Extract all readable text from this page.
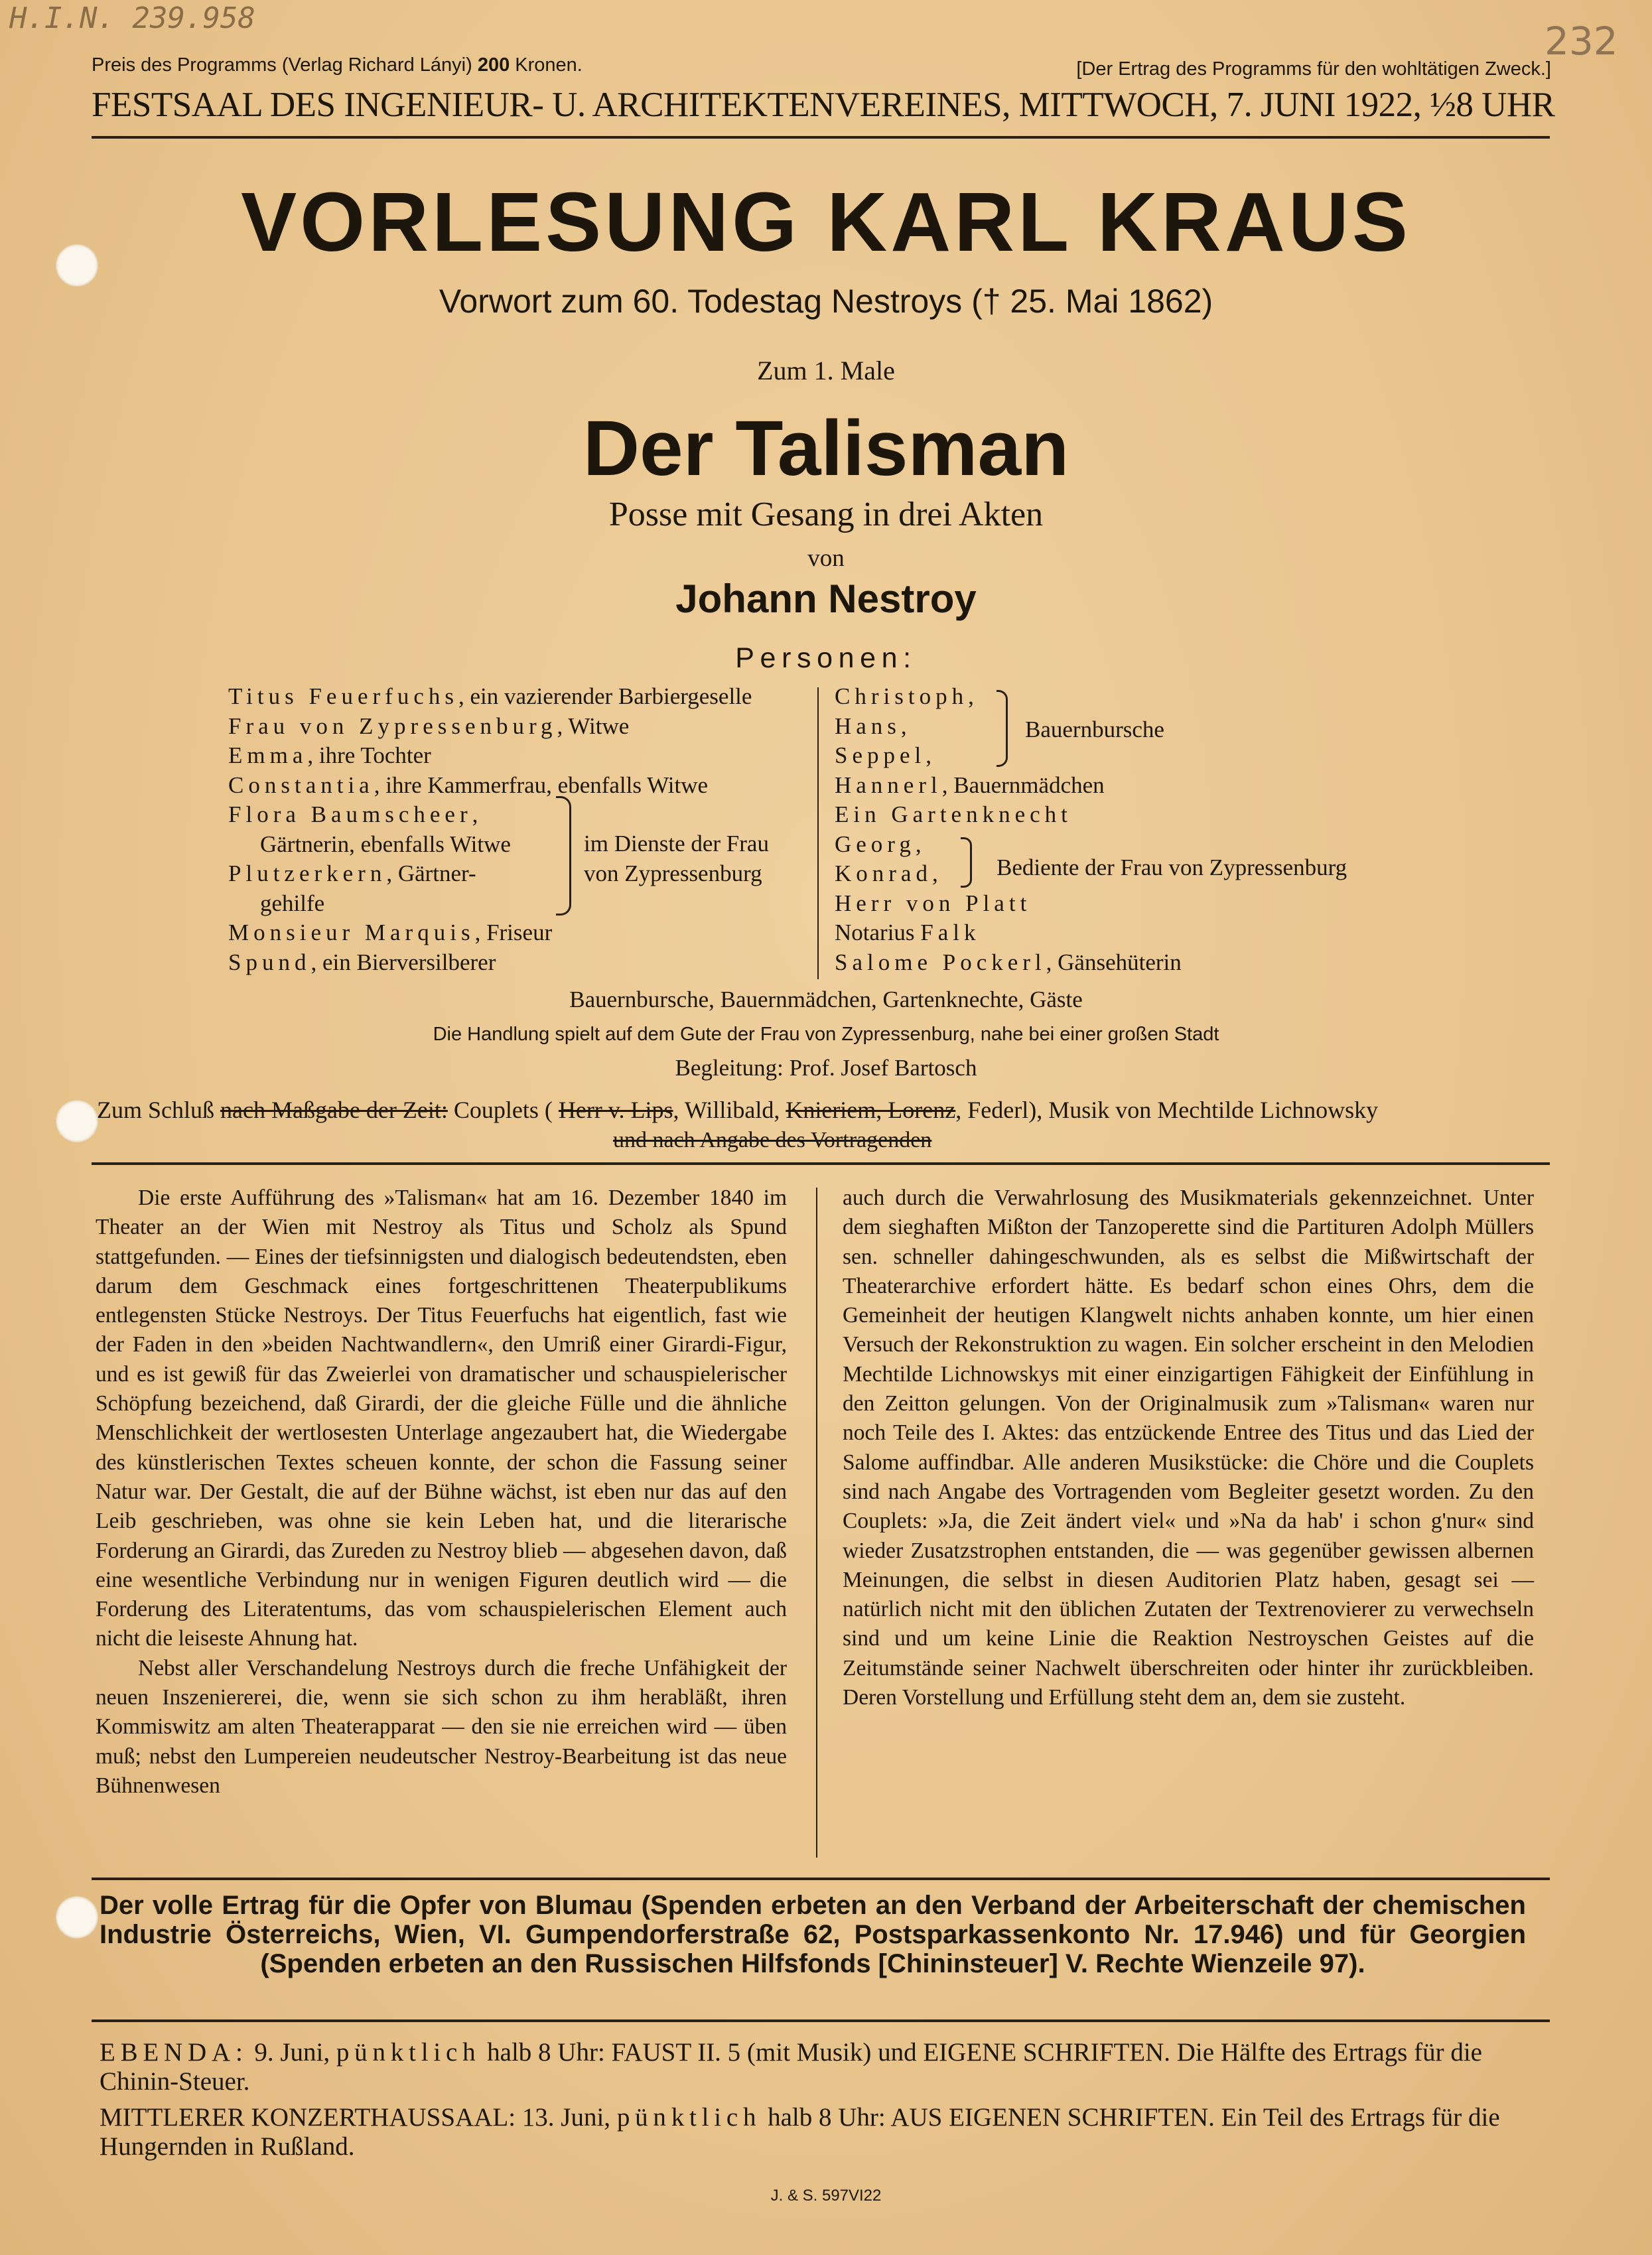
H.I.N. 239.958
232
Preis des Programms (Verlag Richard Lányi) 200 Kronen.	[Der Ertrag des Programms für den wohltätigen Zweck.]
FESTSAAL DES INGENIEUR- U. ARCHITEKTENVEREINES, MITTWOCH, 7. JUNI 1922, ½8 UHR
VORLESUNG KARL KRAUS
Vorwort zum 60. Todestag Nestroys († 25. Mai 1862)
Zum 1. Male
Der Talisman
Posse mit Gesang in drei Akten
von
Johann Nestroy
Personen:
Titus Feuerfuchs, ein vazierender Barbiergeselle
Frau von Zypressenburg, Witwe
Emma, ihre Tochter
Constantia, ihre Kammerfrau, ebenfalls Witwe
Flora Baumscheer,
Gärtnerin, ebenfalls Witwe
Plutzerkern, Gärtner-
gehilfe
Monsieur Marquis, Friseur
Spund, ein Bierversilberer
im Dienste der Frau
von Zypressenburg
Christoph,
Hans,
Seppel,
Hannerl, Bauernmädchen
Ein Gartenknecht
Georg,
Konrad,
Herr von Platt
Notarius Falk
Salome Pockerl, Gänsehüterin
Bauernbursche
Bediente der Frau von Zypressenburg
Bauernbursche, Bauernmädchen, Gartenknechte, Gäste
Die Handlung spielt auf dem Gute der Frau von Zypressenburg, nahe bei einer großen Stadt
Begleitung: Prof. Josef Bartosch
Zum Schluß nach Maßgabe der Zeit: Couplets ( Herr v. Lips, Willibald, Knieriem, Lorenz, Federl), Musik von Mechtilde Lichnowsky
und nach Angabe des Vortragenden

Die erste Aufführung des »Talisman« hat am 16. Dezember 1840 im Theater an der Wien mit Nestroy als Titus und Scholz als Spund stattgefunden. — Eines der tiefsinnigsten und dialogisch bedeutendsten, eben darum dem Geschmack eines fortgeschrittenen Theaterpublikums entlegensten Stücke Nestroys. Der Titus Feuerfuchs hat eigentlich, fast wie der Faden in den »beiden Nachtwandlern«, den Umriß einer Girardi-Figur, und es ist gewiß für das Zweierlei von dramatischer und schauspielerischer Schöpfung bezeichend, daß Girardi, der die gleiche Fülle und die ähnliche Menschlichkeit der wertlosesten Unterlage angezaubert hat, die Wiedergabe des künstlerischen Textes scheuen konnte, der schon die Fassung seiner Natur war. Der Gestalt, die auf der Bühne wächst, ist eben nur das auf den Leib geschrieben, was ohne sie kein Leben hat, und die literarische Forderung an Girardi, das Zureden zu Nestroy blieb — abgesehen davon, daß eine wesentliche Verbindung nur in wenigen Figuren deutlich wird — die Forderung des Literatentums, das vom schauspielerischen Element auch nicht die leiseste Ahnung hat.

Nebst aller Verschandelung Nestroys durch die freche Unfähigkeit der neuen Inszeniererei, die, wenn sie sich schon zu ihm herabläßt, ihren Kommiswitz am alten Theaterapparat — den sie nie erreichen wird — üben muß; nebst den Lumpereien neudeutscher Nestroy-Bearbeitung ist das neue Bühnenwesen

auch durch die Verwahrlosung des Musikmaterials gekennzeichnet. Unter dem sieghaften Mißton der Tanzoperette sind die Partituren Adolph Müllers sen. schneller dahingeschwunden, als es selbst die Mißwirtschaft der Theaterarchive erfordert hätte. Es bedarf schon eines Ohrs, dem die Gemeinheit der heutigen Klangwelt nichts anhaben konnte, um hier einen Versuch der Rekonstruktion zu wagen. Ein solcher erscheint in den Melodien Mechtilde Lichnowskys mit einer einzigartigen Fähigkeit der Einfühlung in den Zeitton gelungen. Von der Originalmusik zum »Talisman« waren nur noch Teile des I. Aktes: das entzückende Entree des Titus und das Lied der Salome auffindbar. Alle anderen Musikstücke: die Chöre und die Couplets sind nach Angabe des Vortragenden vom Begleiter gesetzt worden. Zu den Couplets: »Ja, die Zeit ändert viel« und »Na da hab' i schon g'nur« sind wieder Zusatzstrophen entstanden, die — was gegenüber gewissen albernen Meinungen, die selbst in diesen Auditorien Platz haben, gesagt sei — natürlich nicht mit den üblichen Zutaten der Textrenovierer zu verwechseln sind und um keine Linie die Reaktion Nestroyschen Geistes auf die Zeitumstände seiner Nachwelt überschreiten oder hinter ihr zurückbleiben. Deren Vorstellung und Erfüllung steht dem an, dem sie zusteht.

Der volle Ertrag für die Opfer von Blumau (Spenden erbeten an den Verband der Arbeiterschaft der chemischen Industrie Österreichs, Wien, VI. Gumpendorferstraße 62, Postsparkassenkonto Nr. 17.946) und für Georgien (Spenden erbeten an den Russischen Hilfsfonds [Chininsteuer] V. Rechte Wienzeile 97).
EBENDA: 9. Juni, pünktlich halb 8 Uhr: FAUST II. 5 (mit Musik) und EIGENE SCHRIFTEN. Die Hälfte des Ertrags für die Chinin-Steuer.
MITTLERER KONZERTHAUSSAAL: 13. Juni, pünktlich halb 8 Uhr: AUS EIGENEN SCHRIFTEN. Ein Teil des Ertrags für die Hungernden in Rußland.
J. & S. 597VI22
